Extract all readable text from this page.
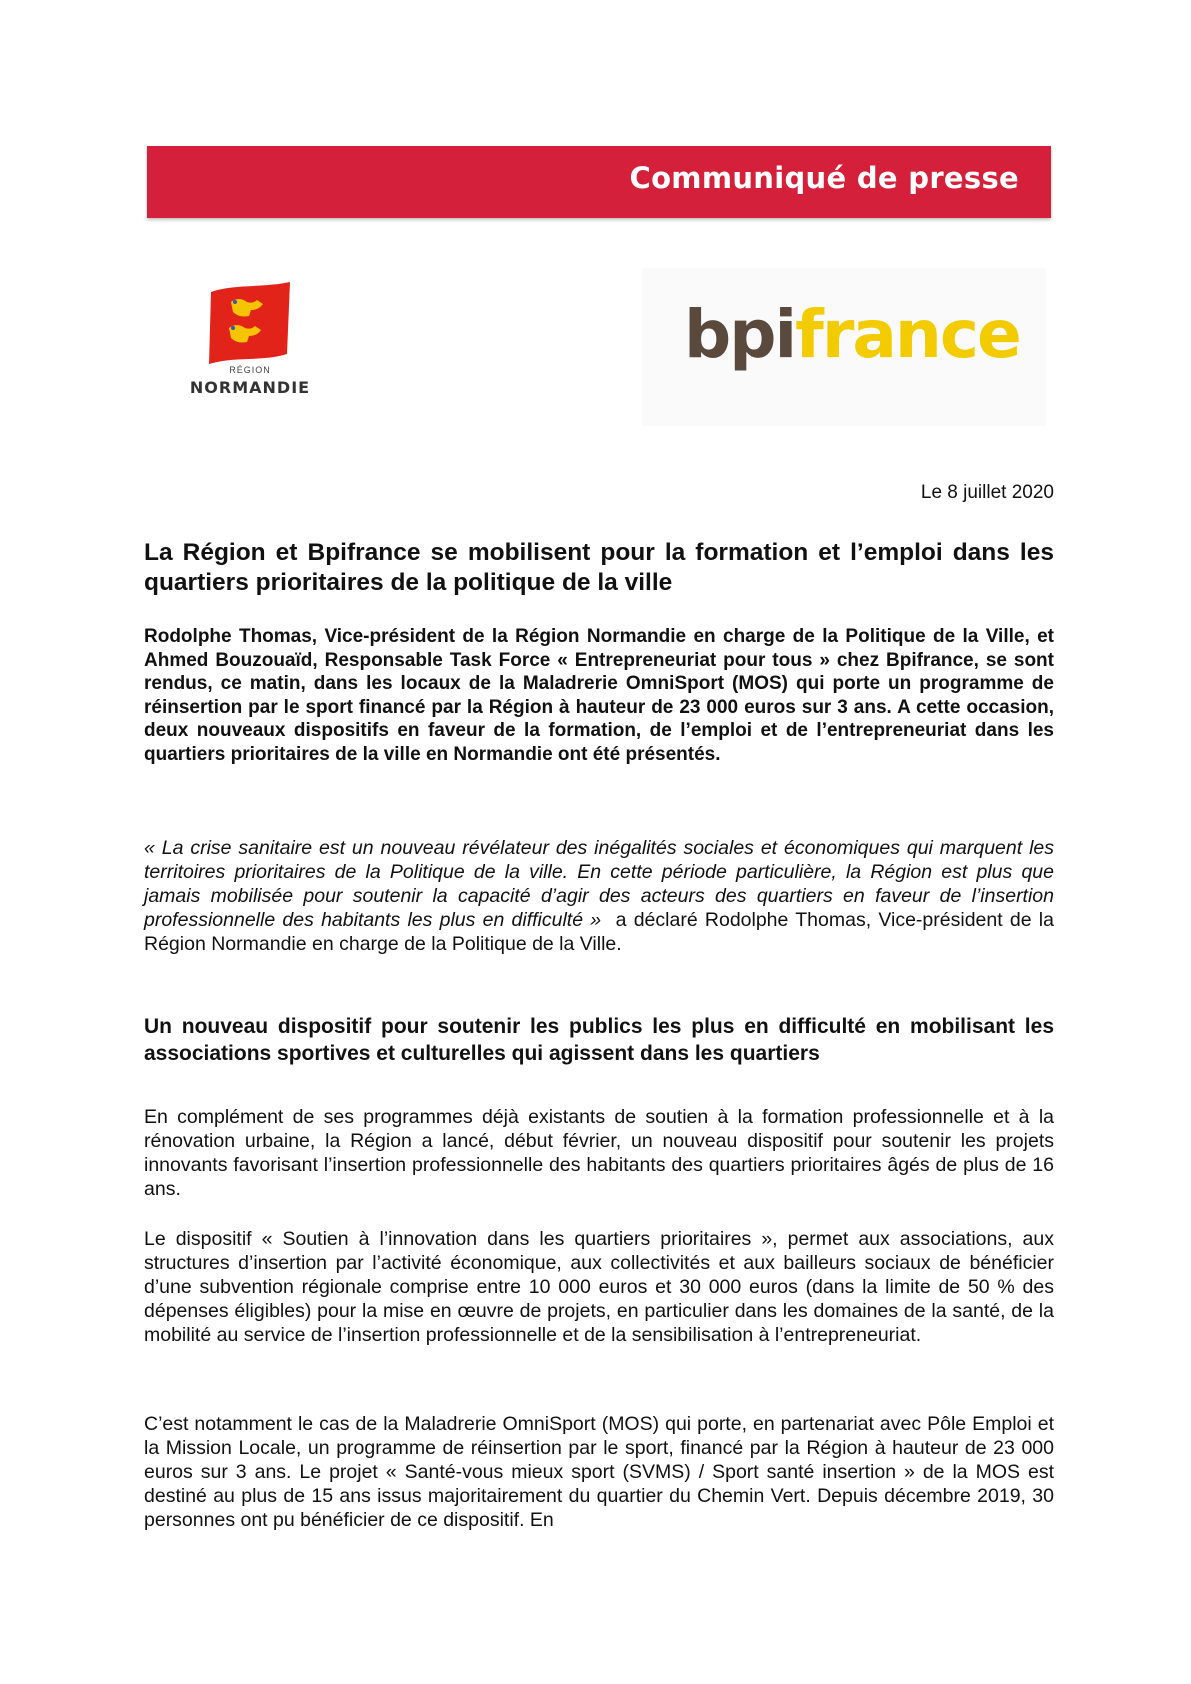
Communiqué de presse
RÉGION
NORMANDIE
bpifrance
Le 8 juillet 2020
La Région et Bpifrance se mobilisent pour la formation et l’emploi dans les quartiers prioritaires de la politique de la ville

Rodolphe Thomas, Vice-président de la Région Normandie en charge de la Politique de la Ville, et Ahmed Bouzouaïd, Responsable Task Force « Entrepreneuriat pour tous » chez Bpifrance, se sont rendus, ce matin, dans les locaux de la Maladrerie OmniSport (MOS) qui porte un programme de réinsertion par le sport financé par la Région à hauteur de 23 000 euros sur 3 ans. A cette occasion, deux nouveaux dispositifs en faveur de la formation, de l’emploi et de l’entrepreneuriat dans les quartiers prioritaires de la ville en Normandie ont été présentés.

« La crise sanitaire est un nouveau révélateur des inégalités sociales et économiques qui marquent les territoires prioritaires de la Politique de la ville. En cette période particulière, la Région est plus que jamais mobilisée pour soutenir la capacité d’agir des acteurs des quartiers en faveur de l’insertion professionnelle des habitants les plus en difficulté » a déclaré Rodolphe Thomas, Vice-président de la Région Normandie en charge de la Politique de la Ville.

Un nouveau dispositif pour soutenir les publics les plus en difficulté en mobilisant les associations sportives et culturelles qui agissent dans les quartiers

En complément de ses programmes déjà existants de soutien à la formation professionnelle et à la rénovation urbaine, la Région a lancé, début février, un nouveau dispositif pour soutenir les projets innovants favorisant l’insertion professionnelle des habitants des quartiers prioritaires âgés de plus de 16 ans.

Le dispositif « Soutien à l’innovation dans les quartiers prioritaires », permet aux associations, aux structures d’insertion par l’activité économique, aux collectivités et aux bailleurs sociaux de bénéficier d’une subvention régionale comprise entre 10 000 euros et 30 000 euros (dans la limite de 50 % des dépenses éligibles) pour la mise en œuvre de projets, en particulier dans les domaines de la santé, de la mobilité au service de l’insertion professionnelle et de la sensibilisation à l’entrepreneuriat.

C’est notamment le cas de la Maladrerie OmniSport (MOS) qui porte, en partenariat avec Pôle Emploi et la Mission Locale, un programme de réinsertion par le sport, financé par la Région à hauteur de 23 000 euros sur 3 ans. Le projet « Santé-vous mieux sport (SVMS) / Sport santé insertion » de la MOS est destiné au plus de 15 ans issus majoritairement du quartier du Chemin Vert. Depuis décembre 2019, 30 personnes ont pu bénéficier de ce dispositif. En
